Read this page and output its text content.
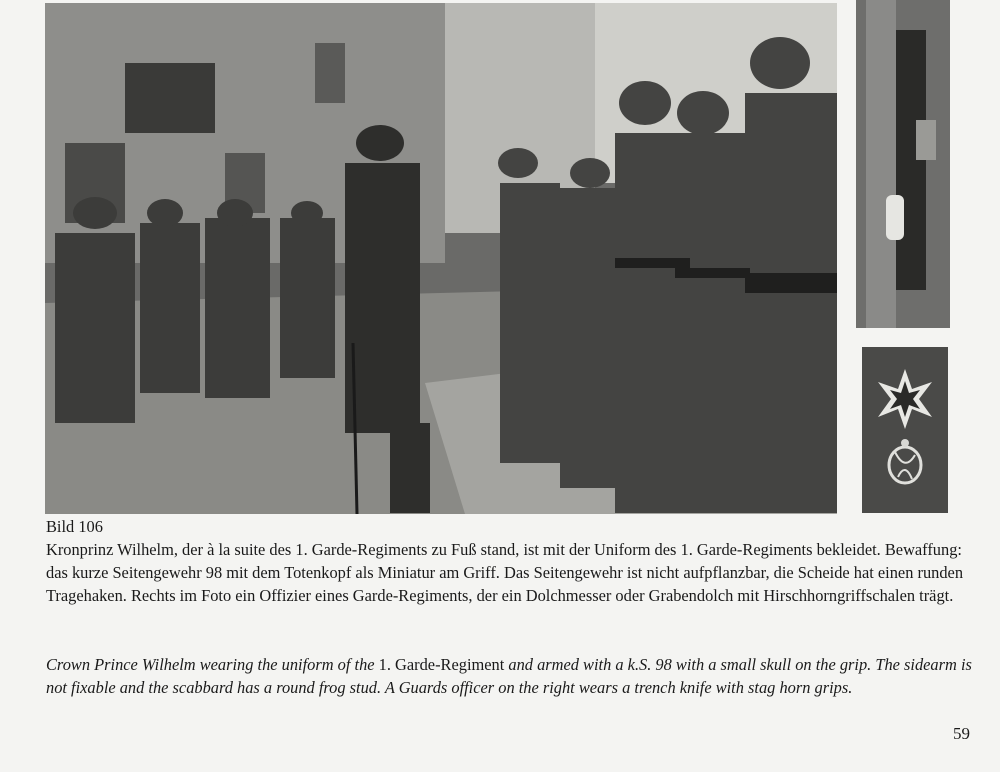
Bild 106
Kronprinz Wilhelm, der à la suite des 1. Garde-Regiments zu Fuß stand, ist mit der Uniform des 1. Garde-Regiments bekleidet. Bewaffung: das kurze Seitengewehr 98 mit dem Totenkopf als Miniatur am Griff. Das Seitengewehr ist nicht aufpflanzbar, die Scheide hat einen runden Tragehaken. Rechts im Foto ein Offizier eines Garde-Regiments, der ein Dolchmesser oder Grabendolch mit Hirschhorngriffschalen trägt.
Crown Prince Wilhelm wearing the uniform of the 1. Garde-Regiment and armed with a k.S. 98 with a small skull on the grip. The sidearm is not fixable and the scabbard has a round frog stud. A Guards officer on the right wears a trench knife with stag horn grips.
59
